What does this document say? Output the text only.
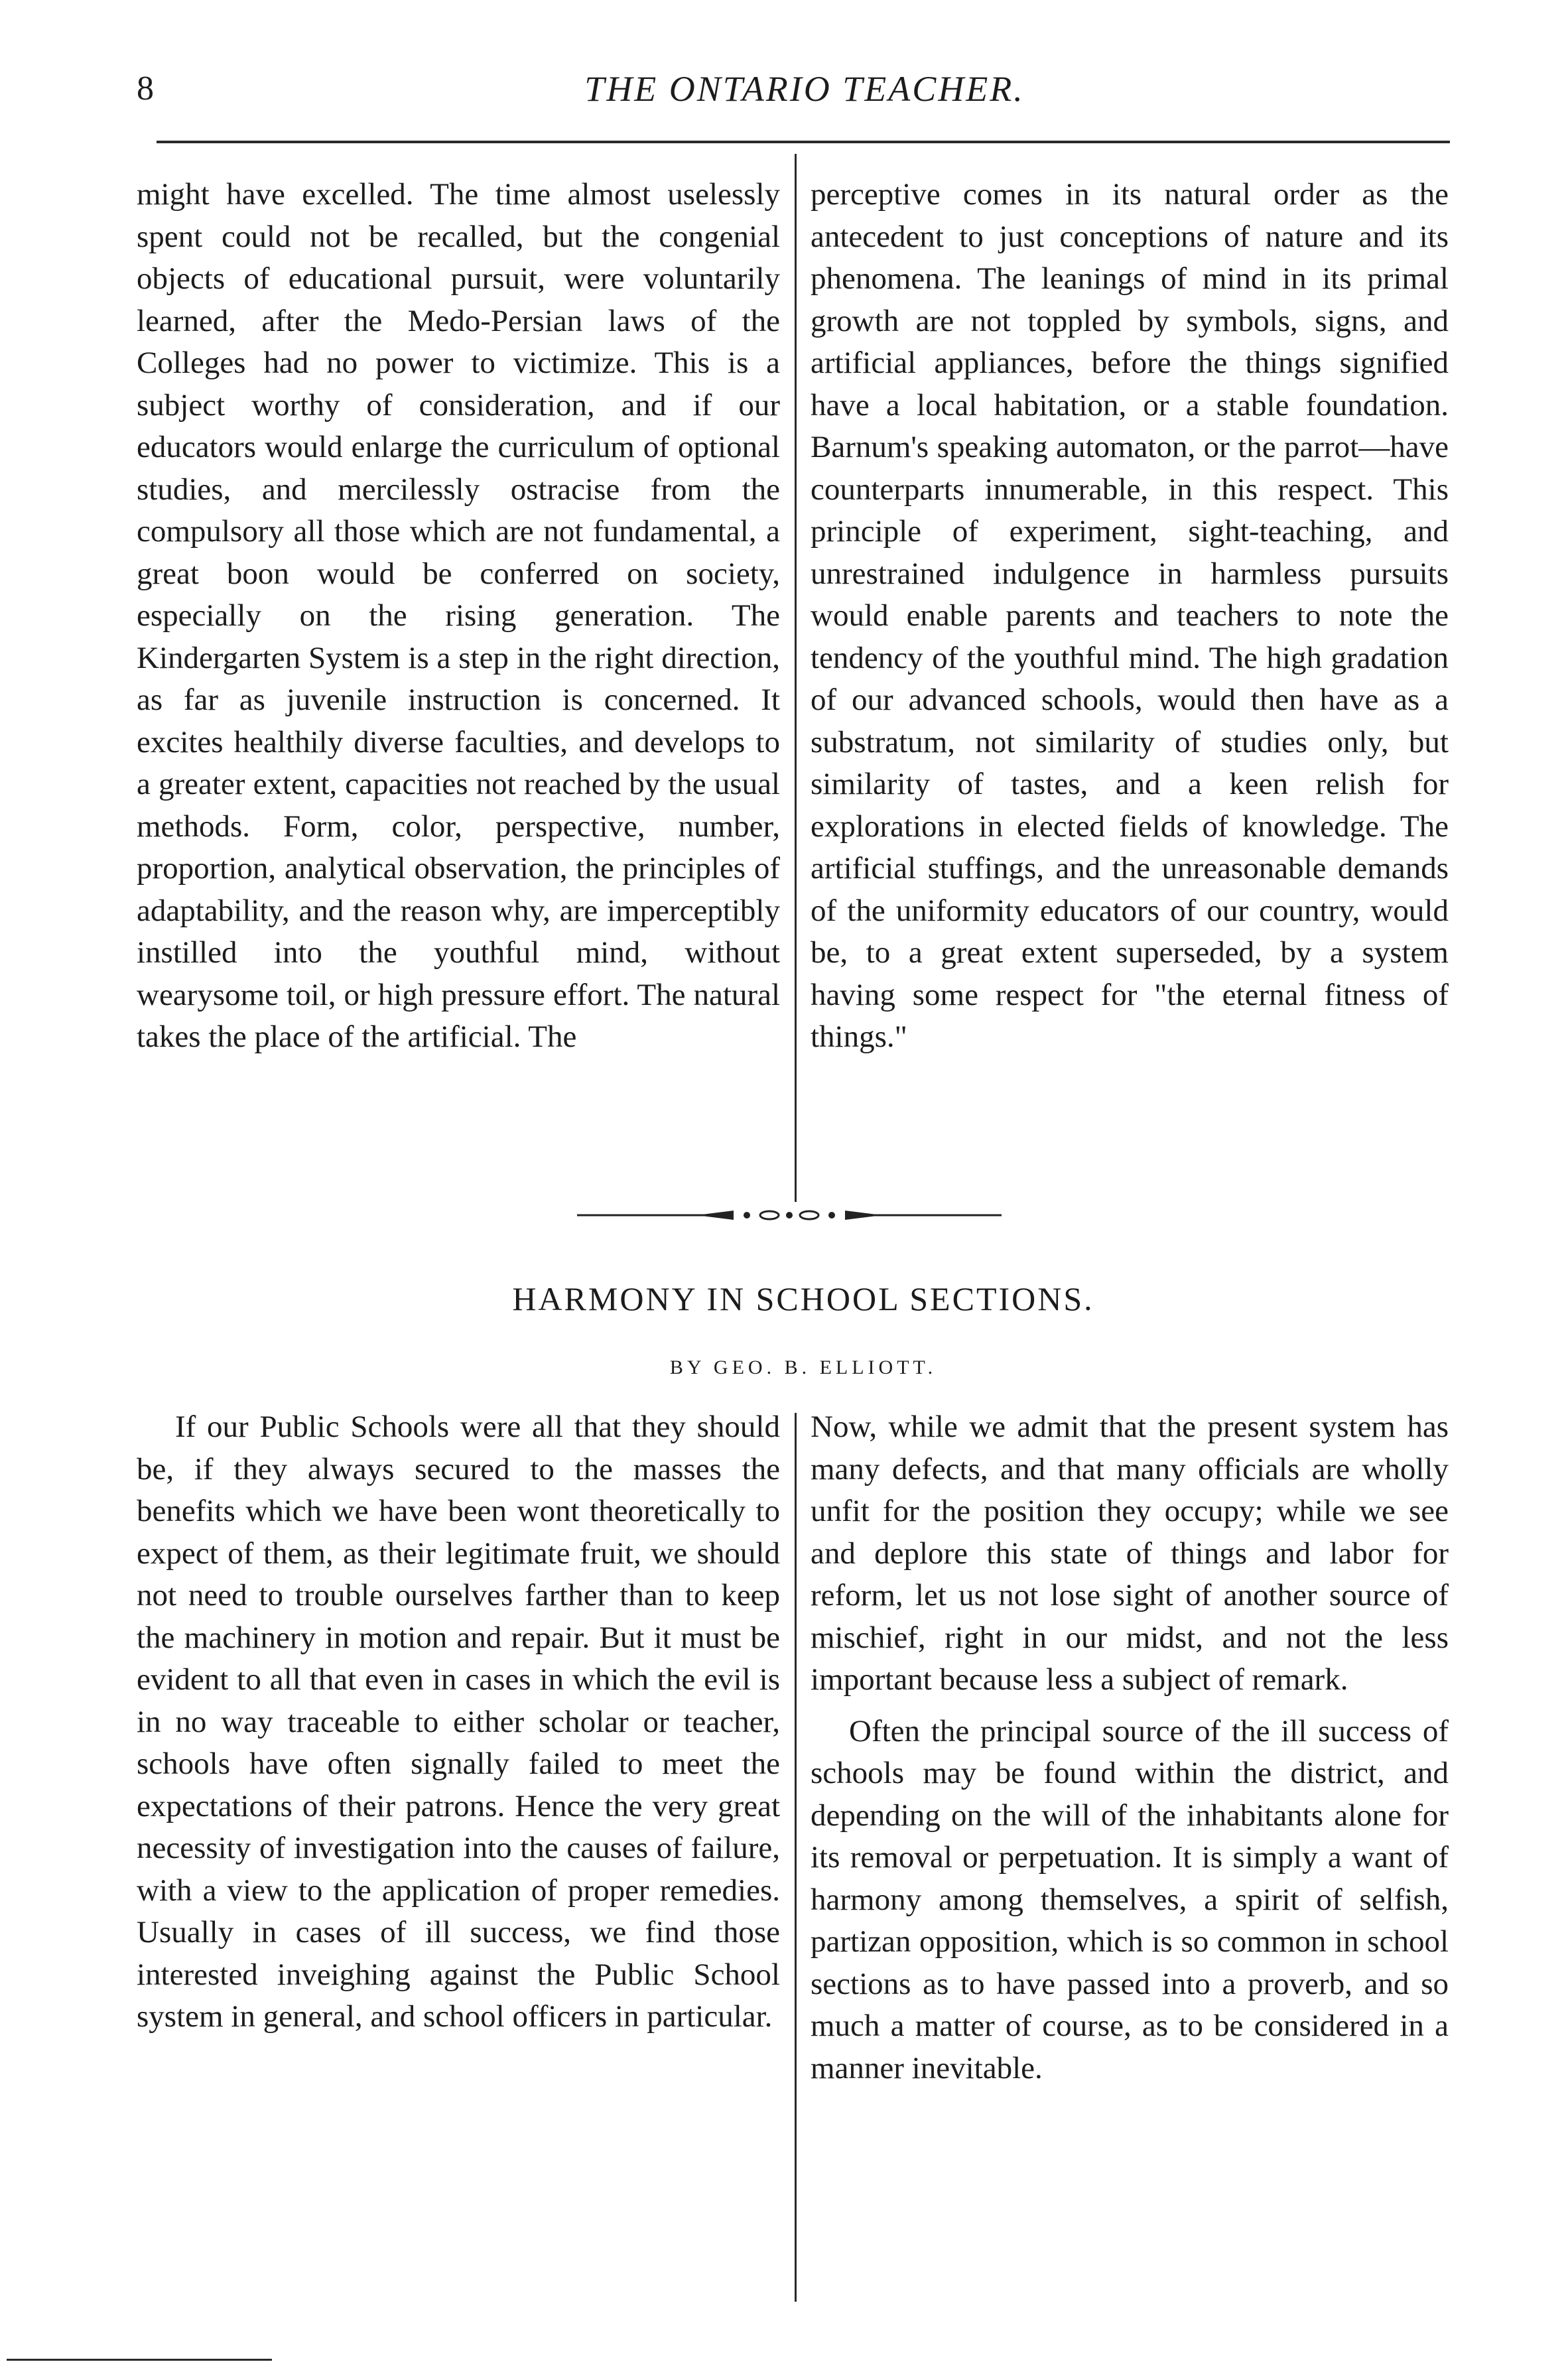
8	THE ONTARIO TEACHER.

might have excelled. The time almost uselessly spent could not be recalled, but the congenial objects of educational pursuit, were voluntarily learned, after the Medo-Persian laws of the Colleges had no power to victimize. This is a subject worthy of consideration, and if our educators would enlarge the curriculum of optional studies, and mercilessly ostracise from the compulsory all those which are not fundamental, a great boon would be conferred on society, especially on the rising generation. The Kindergarten System is a step in the right direction, as far as juvenile instruction is concerned. It excites healthily diverse faculties, and develops to a greater extent, capacities not reached by the usual methods. Form, color, perspective, number, proportion, analytical observation, the principles of adaptability, and the reason why, are imperceptibly instilled into the youthful mind, without wearysome toil, or high pressure effort. The natural takes the place of the artificial. The

perceptive comes in its natural order as the antecedent to just conceptions of nature and its phenomena. The leanings of mind in its primal growth are not toppled by symbols, signs, and artificial appliances, before the things signified have a local habitation, or a stable foundation. Barnum's speaking automaton, or the parrot—have counterparts innumerable, in this respect. This principle of experiment, sight-teaching, and unrestrained indulgence in harmless pursuits would enable parents and teachers to note the tendency of the youthful mind. The high gradation of our advanced schools, would then have as a substratum, not similarity of studies only, but similarity of tastes, and a keen relish for explorations in elected fields of knowledge. The artificial stuffings, and the unreasonable demands of the uniformity educators of our country, would be, to a great extent superseded, by a system having some respect for "the eternal fitness of things."

HARMONY IN SCHOOL SECTIONS.
BY GEO. B. ELLIOTT.

If our Public Schools were all that they should be, if they always secured to the masses the benefits which we have been wont theoretically to expect of them, as their legitimate fruit, we should not need to trouble ourselves farther than to keep the machinery in motion and repair. But it must be evident to all that even in cases in which the evil is in no way traceable to either scholar or teacher, schools have often signally failed to meet the expectations of their patrons. Hence the very great necessity of investigation into the causes of failure, with a view to the application of proper remedies. Usually in cases of ill success, we find those interested inveighing against the Public School system in general, and school officers in particular.

Now, while we admit that the present system has many defects, and that many officials are wholly unfit for the position they occupy; while we see and deplore this state of things and labor for reform, let us not lose sight of another source of mischief, right in our midst, and not the less important because less a subject of remark.

Often the principal source of the ill success of schools may be found within the district, and depending on the will of the inhabitants alone for its removal or perpetuation. It is simply a want of harmony among themselves, a spirit of selfish, partizan opposition, which is so common in school sections as to have passed into a proverb, and so much a matter of course, as to be considered in a manner inevitable.
